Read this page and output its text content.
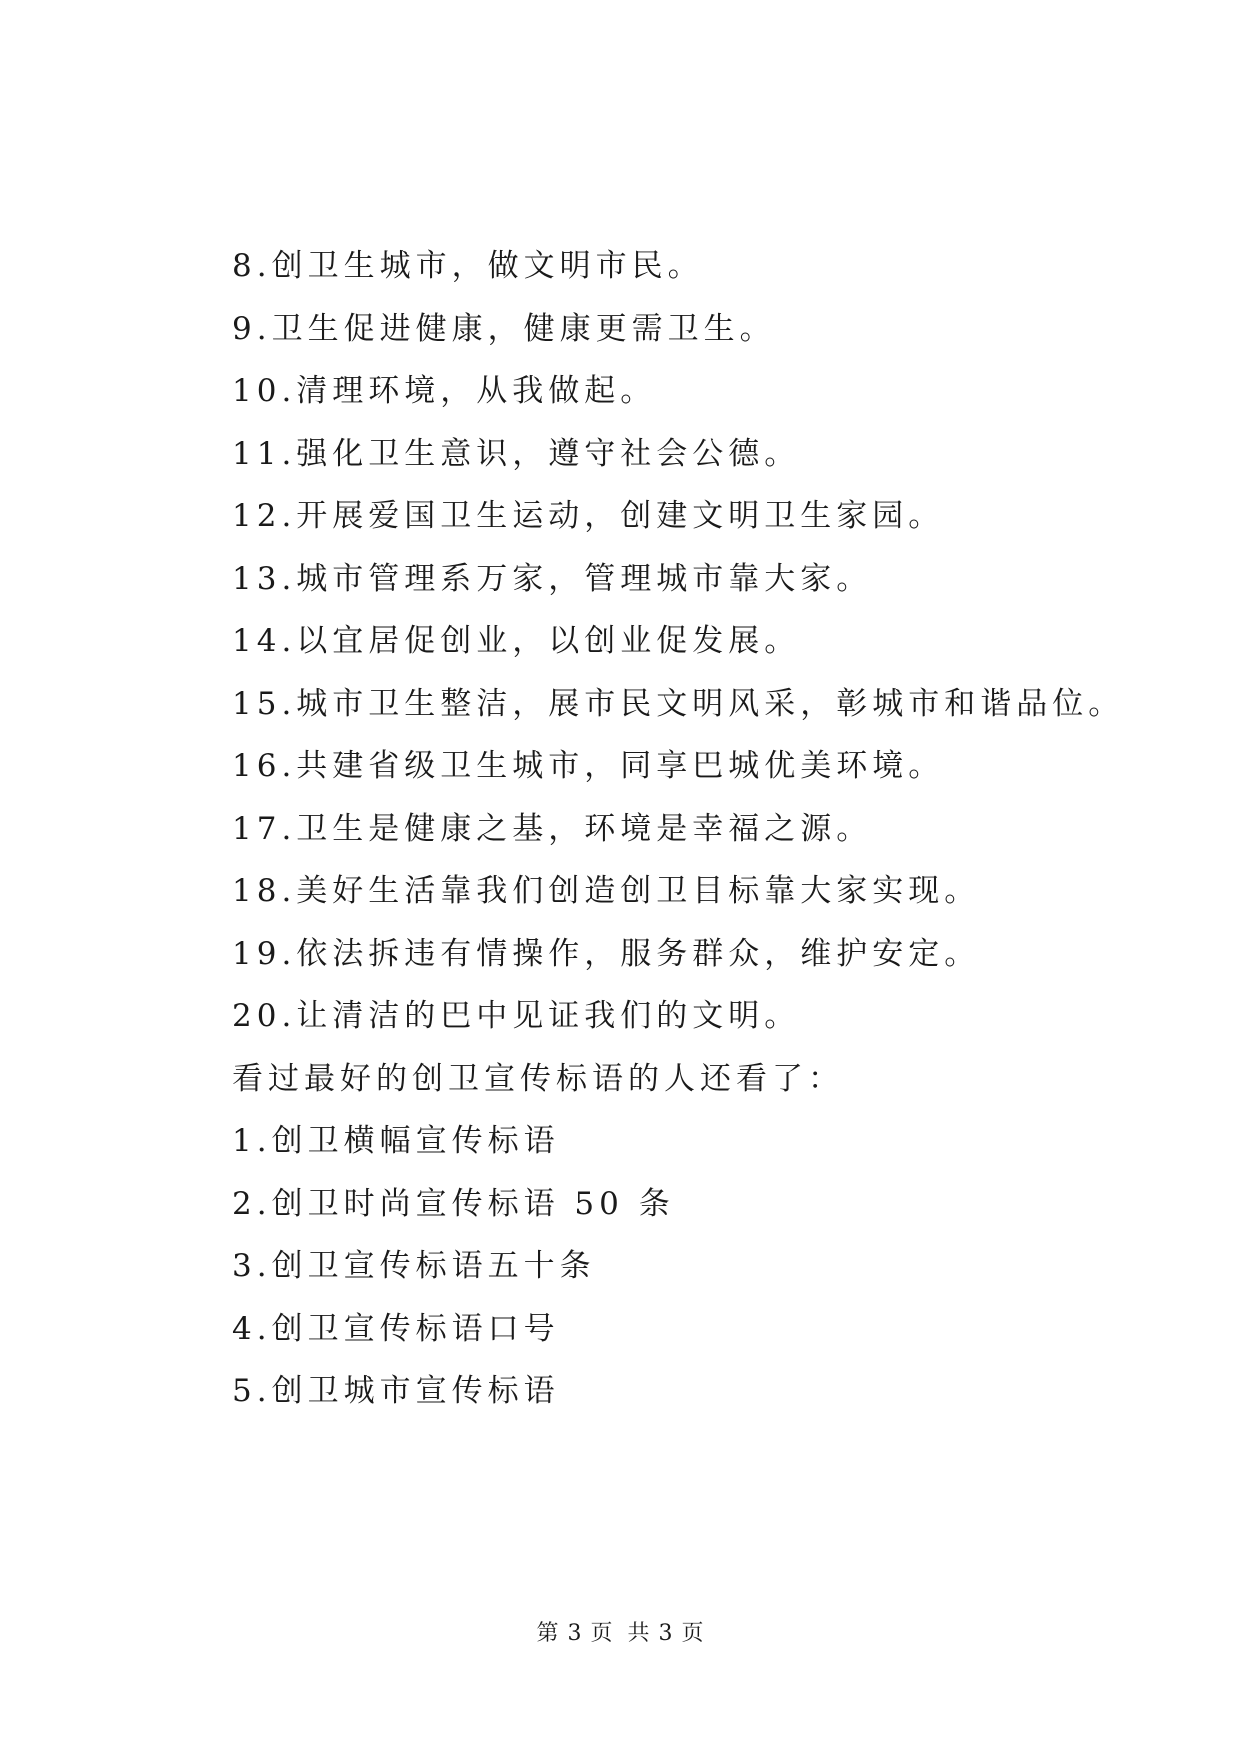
8.创卫生城市，做文明市民。
9.卫生促进健康，健康更需卫生。
10.清理环境，从我做起。
11.强化卫生意识，遵守社会公德。
12.开展爱国卫生运动，创建文明卫生家园。
13.城市管理系万家，管理城市靠大家。
14.以宜居促创业，以创业促发展。
15.城市卫生整洁，展市民文明风采，彰城市和谐品位。
16.共建省级卫生城市，同享巴城优美环境。
17.卫生是健康之基，环境是幸福之源。
18.美好生活靠我们创造创卫目标靠大家实现。
19.依法拆违有情操作，服务群众，维护安定。
20.让清洁的巴中见证我们的文明。
看过最好的创卫宣传标语的人还看了：
1.创卫横幅宣传标语
2.创卫时尚宣传标语 50 条
3.创卫宣传标语五十条
4.创卫宣传标语口号
5.创卫城市宣传标语
第 3 页 共 3 页
